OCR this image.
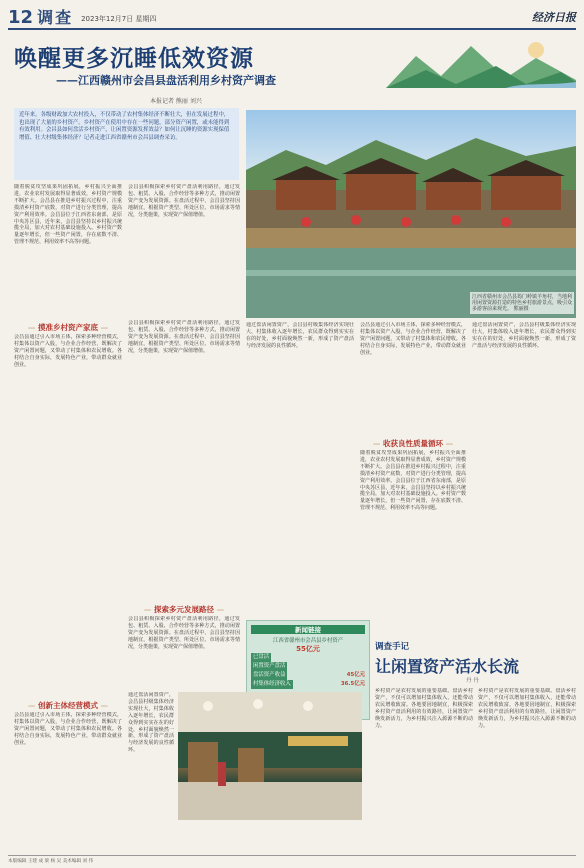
12 调查 2023年12月7日 星期四	经济日报
唤醒更多沉睡低效资源
——江西赣州市会昌县盘活利用乡村资产调查
本报记者 熊丽 刘兴
近年来，各级财政加大农村投入，不仅带动了农村集体经济不断壮大，但在发展过程中，也出现了大量的乡村资产。乡村资产在使用中存在一些问题，部分资产闲置，或未能得到有效利用。会昌县如何盘活乡村资产，让闲置资源发挥效益？如何让沉睡的资源实现保值增值、壮大村级集体经济？记者走进江西省赣州市会昌县调查采访。
江西省赣州市会昌县筠门岭镇羊角村，当地利用闲置资源打造的特色乡村旅游景点，吸引众多游客前来观光。 熊丽摄
随着脱贫攻坚成果巩固拓展，乡村振兴全面推进，农业农村发展取得显著成效，乡村资产规模不断扩大。会昌县在推进乡村振兴过程中，注重摸清乡村资产底数，对资产进行分类管理，提高资产利用效率。会昌县位于江西省东南部，是原中央苏区县，近年来，会昌县坚持以乡村振兴统揽全局，加大对农村基础设施投入。乡村资产数量逐年增长，但一些资产闲置，存在底数不清、管理不规范、利用效率不高等问题。
会昌县积极探索乡村资产盘活利用路径，通过发包、租赁、入股、合作经营等多种方式，推动闲置资产变为发展资源。在盘活过程中，会昌县坚持因地制宜，根据资产类型、所处区位、市场需求等情况，分类施策，实现资产保值增值。
— 摸准乡村资产家底 —
会昌县通过引入市场主体，探索多种经营模式，村集体以资产入股，与企业合作经营，既解决了资产闲置问题，又带动了村集体和农民增收。各村结合自身实际，发展特色产业，带动群众就业创业。
会昌县积极探索乡村资产盘活利用路径，通过发包、租赁、入股、合作经营等多种方式，推动闲置资产变为发展资源。在盘活过程中，会昌县坚持因地制宜，根据资产类型、所处区位、市场需求等情况，分类施策，实现资产保值增值。
通过盘活闲置资产，会昌县村级集体经济实现壮大，村集体收入逐年增长，农民群众得到实实在在的好处，乡村面貌焕然一新，形成了资产盘活与经济发展的良性循环。
会昌县通过引入市场主体，探索多种经营模式，村集体以资产入股，与企业合作经营，既解决了资产闲置问题，又带动了村集体和农民增收。各村结合自身实际，发展特色产业，带动群众就业创业。
通过盘活闲置资产，会昌县村级集体经济实现壮大，村集体收入逐年增长，农民群众得到实实在在的好处，乡村面貌焕然一新，形成了资产盘活与经济发展的良性循环。
— 收获良性质量循环 —
随着脱贫攻坚成果巩固拓展，乡村振兴全面推进，农业农村发展取得显著成效，乡村资产规模不断扩大。会昌县在推进乡村振兴过程中，注重摸清乡村资产底数，对资产进行分类管理，提高资产利用效率。会昌县位于江西省东南部，是原中央苏区县，近年来，会昌县坚持以乡村振兴统揽全局，加大对农村基础设施投入。乡村资产数量逐年增长，但一些资产闲置，存在底数不清、管理不规范、利用效率不高等问题。
— 探索多元发展路径 —
会昌县积极探索乡村资产盘活利用路径，通过发包、租赁、入股、合作经营等多种方式，推动闲置资产变为发展资源。在盘活过程中，会昌县坚持因地制宜，根据资产类型、所处区位、市场需求等情况，分类施策，实现资产保值增值。
— 创新主体经营模式 —
会昌县通过引入市场主体，探索多种经营模式，村集体以资产入股，与企业合作经营，既解决了资产闲置问题，又带动了村集体和农民增收。各村结合自身实际，发展特色产业，带动群众就业创业。
通过盘活闲置资产，会昌县村级集体经济实现壮大，村集体收入逐年增长，农民群众得到实实在在的好处，乡村面貌焕然一新，形成了资产盘活与经济发展的良性循环。
新闻链接
江西省赣州市会昌县乡村资产
55亿元
已盘活
闲置资产盘活
盘活资产收益	45亿元
村集体经济收入	36.5亿元
调查手记
让闲置资产活水长流
丹 丹
乡村资产是农村发展的重要基础。盘活乡村资产，不仅可以增加村集体收入，还能带动农民增收致富。各地要因地制宜，积极探索乡村资产盘活利用的有效路径，让闲置资产焕发新活力，为乡村振兴注入源源不断的动力。
乡村资产是农村发展的重要基础。盘活乡村资产，不仅可以增加村集体收入，还能带动农民增收致富。各地要因地制宜，积极探索乡村资产盘活利用的有效路径，让闲置资产焕发新活力，为乡村振兴注入源源不断的动力。
本版编辑 王建 成 梁 杨 吴 美术编辑 刘 伟
